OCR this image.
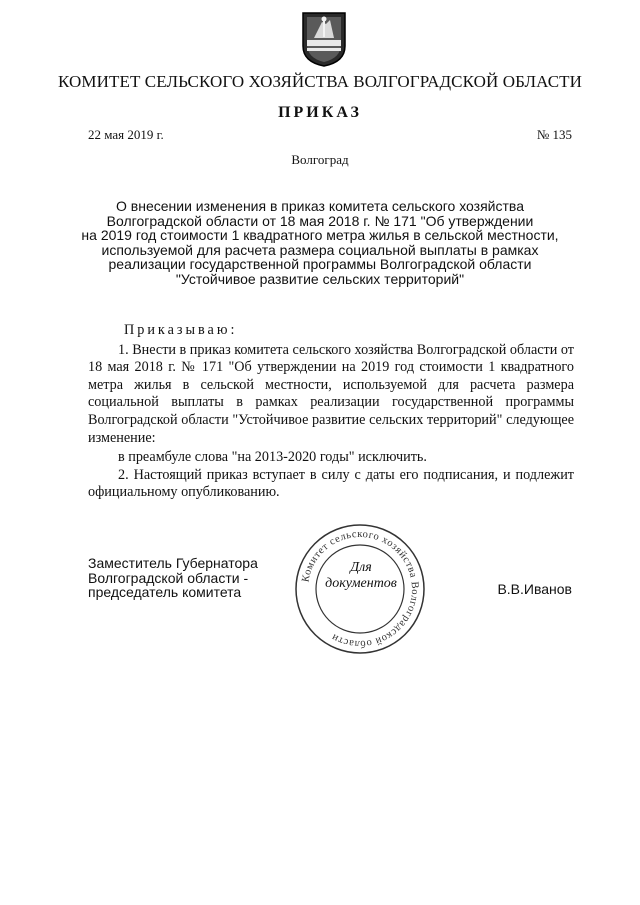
КОМИТЕТ СЕЛЬСКОГО ХОЗЯЙСТВА ВОЛГОГРАДСКОЙ ОБЛАСТИ
ПРИКАЗ
22 мая 2019 г.	№ 135
Волгоград
О внесении изменения в приказ комитета сельского хозяйства
Волгоградской области от 18 мая 2018 г. № 171 "Об утверждении
на 2019 год стоимости 1 квадратного метра жилья в сельской местности,
используемой для расчета размера социальной выплаты в рамках
реализации государственной программы Волгоградской области
"Устойчивое развитие сельских территорий"

Приказываю:

1. Внести в приказ комитета сельского хозяйства Волгоградской области от 18 мая 2018 г. № 171 "Об утверждении на 2019 год стоимости 1 квадратного метра жилья в сельской местности, используемой для расчета размера социальной выплаты в рамках реализации государственной программы Волгоградской области "Устойчивое развитие сельских территорий" следующее изменение:

в преамбуле слова "на 2013-2020 годы" исключить.

2. Настоящий приказ вступает в силу с даты его подписания, и подлежит официальному опубликованию.

Заместитель Губернатора
Волгоградской области -
председатель комитета
Комитет сельского хозяйства Волгоградской области
Для
документов	В.В.Иванов
